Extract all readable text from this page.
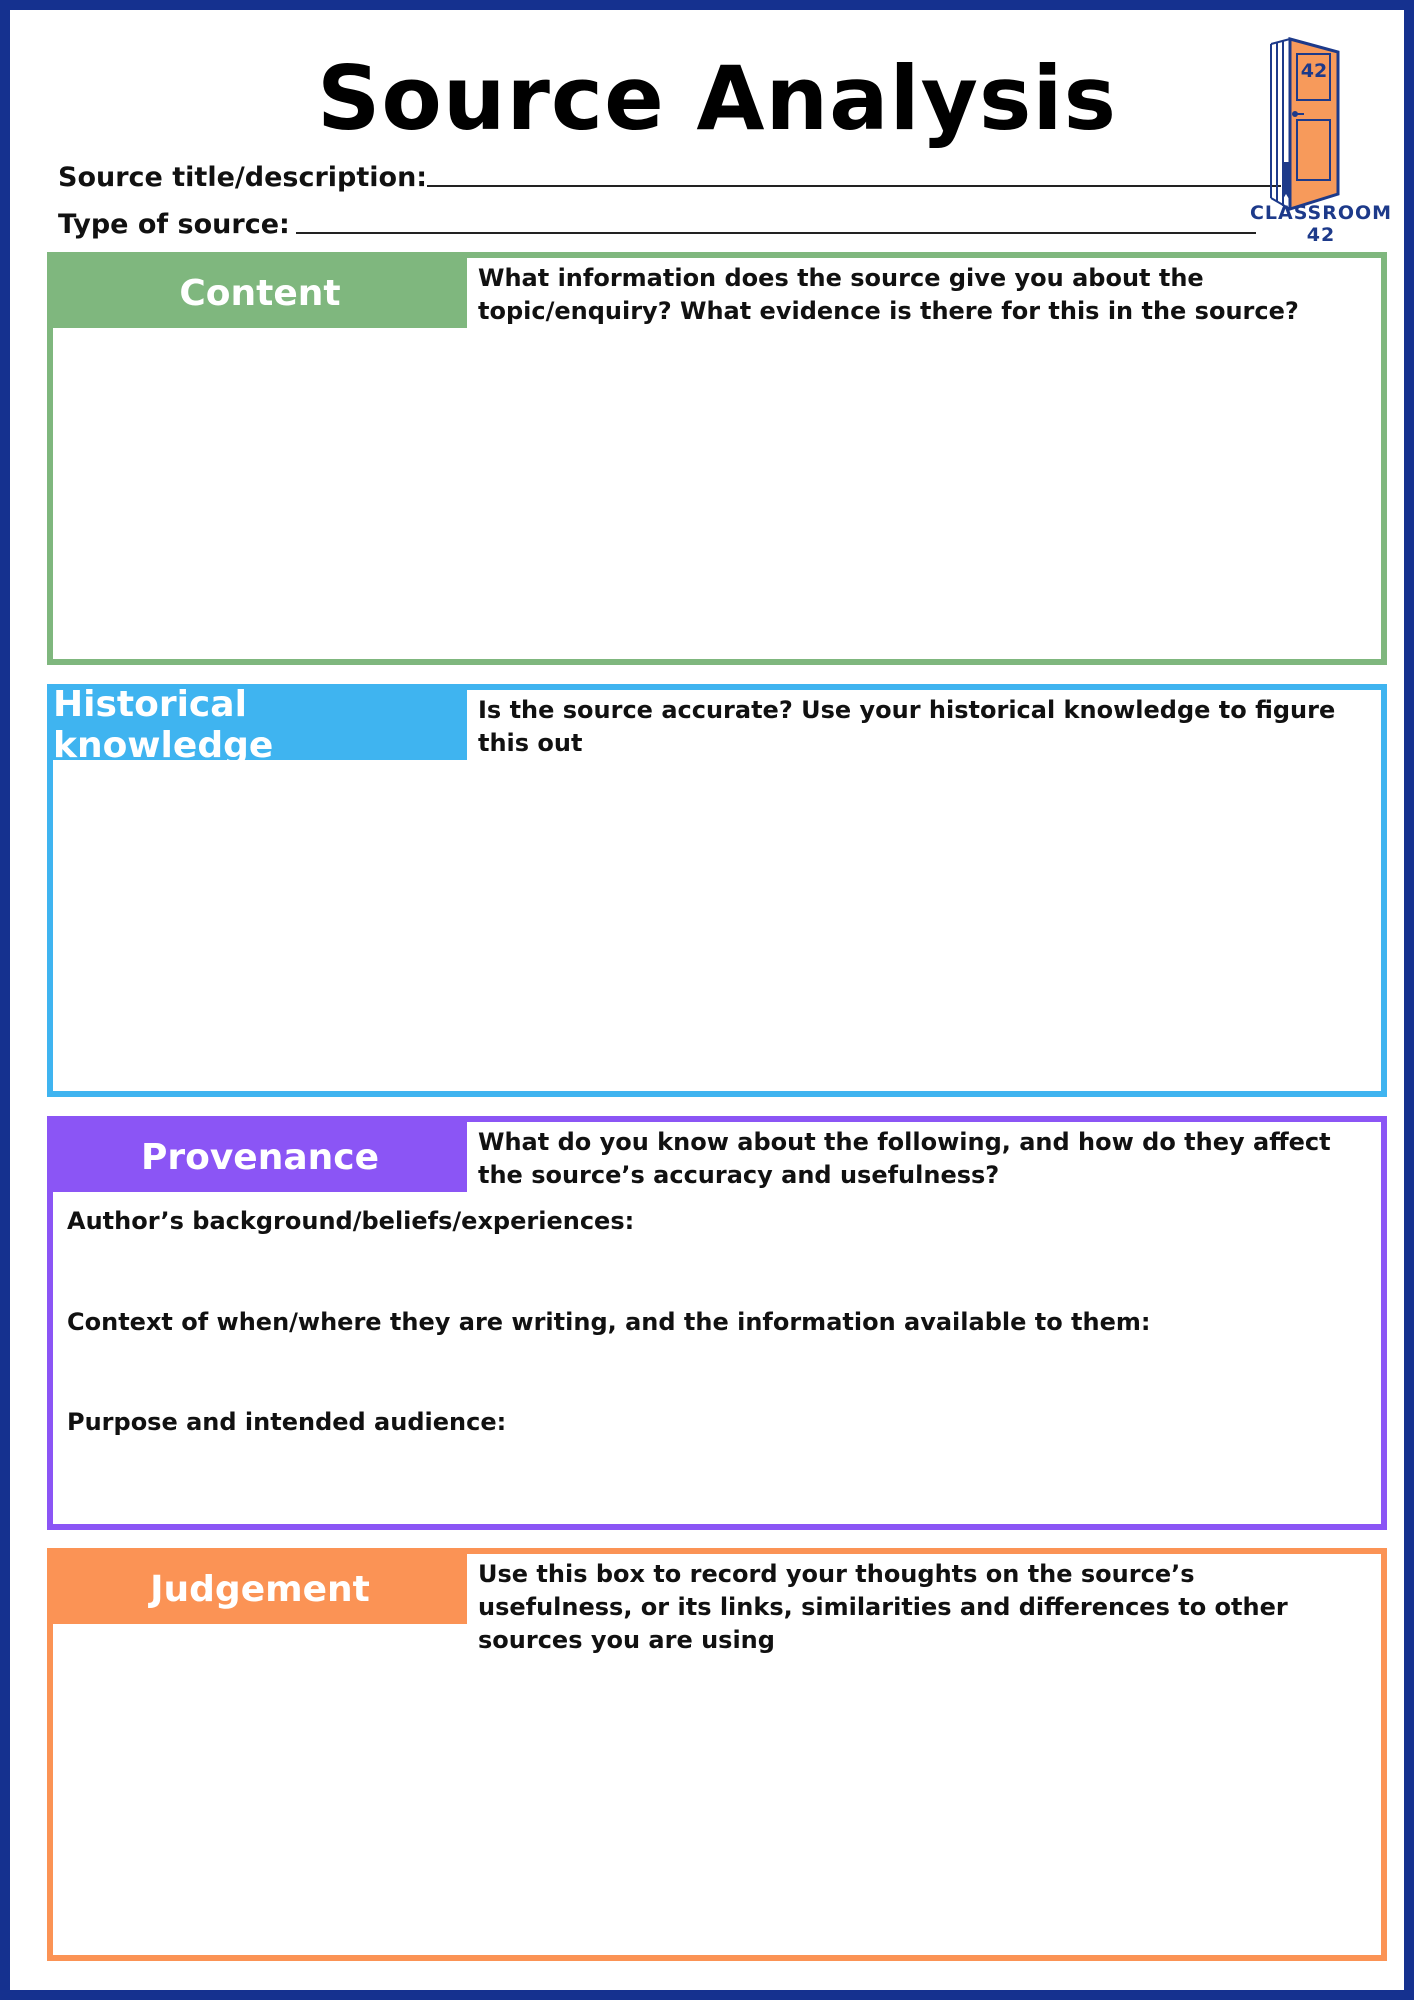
Source Analysis
Source title/description:
Type of source:
42
CLASSROOM 42
Content	What information does the source give you about the topic/enquiry? What evidence is there for this in the source?
Historical knowledge
Is the source accurate? Use your historical knowledge to figure this out
Provenance	What do you know about the following, and how do they affect the source’s accuracy and usefulness?
Author’s background/beliefs/experiences:
Context of when/where they are writing, and the information available to them:
Purpose and intended audience:
Judgement	Use this box to record your thoughts on the source’s usefulness, or its links, similarities and differences to other sources you are using
